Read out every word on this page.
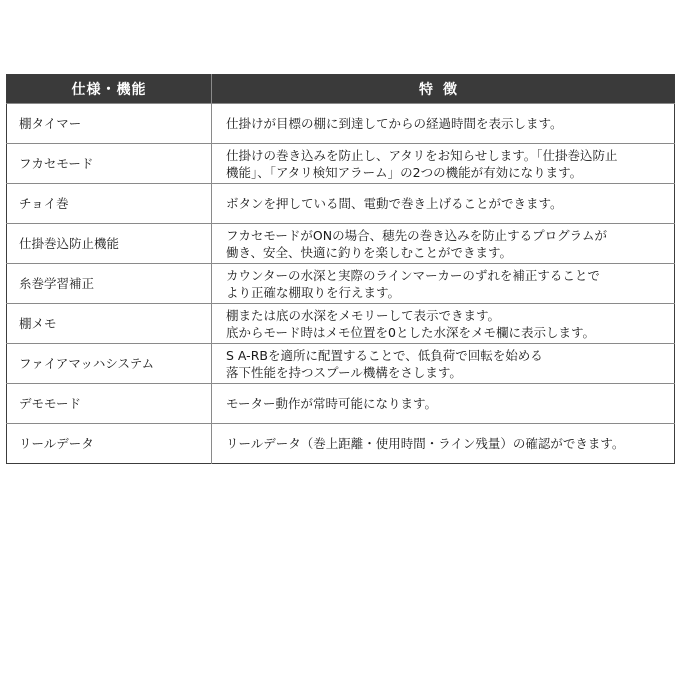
仕様・機能	特徴
棚タイマー	仕掛けが目標の棚に到達してからの経過時間を表示します。

フカセモード	仕掛けの巻き込みを防止し、アタリをお知らせします。「仕掛巻込防止
機能」、「アタリ検知アラーム」の2つの機能が有効になります。

チョイ巻	ボタンを押している間、電動で巻き上げることができます。

仕掛巻込防止機能	フカセモードがONの場合、穂先の巻き込みを防止するプログラムが
働き、安全、快適に釣りを楽しむことができます。

糸巻学習補正	カウンターの水深と実際のラインマーカーのずれを補正することで
より正確な棚取りを行えます。

棚メモ	棚または底の水深をメモリーして表示できます。
底からモード時はメモ位置を0とした水深をメモ欄に表示します。

ファイアマッハシステム	S A-RBを適所に配置することで、低負荷で回転を始める
落下性能を持つスプール機構をさします。

デモモード	モーター動作が常時可能になります。

リールデータ	リールデータ（巻上距離・使用時間・ライン残量）の確認ができます。
